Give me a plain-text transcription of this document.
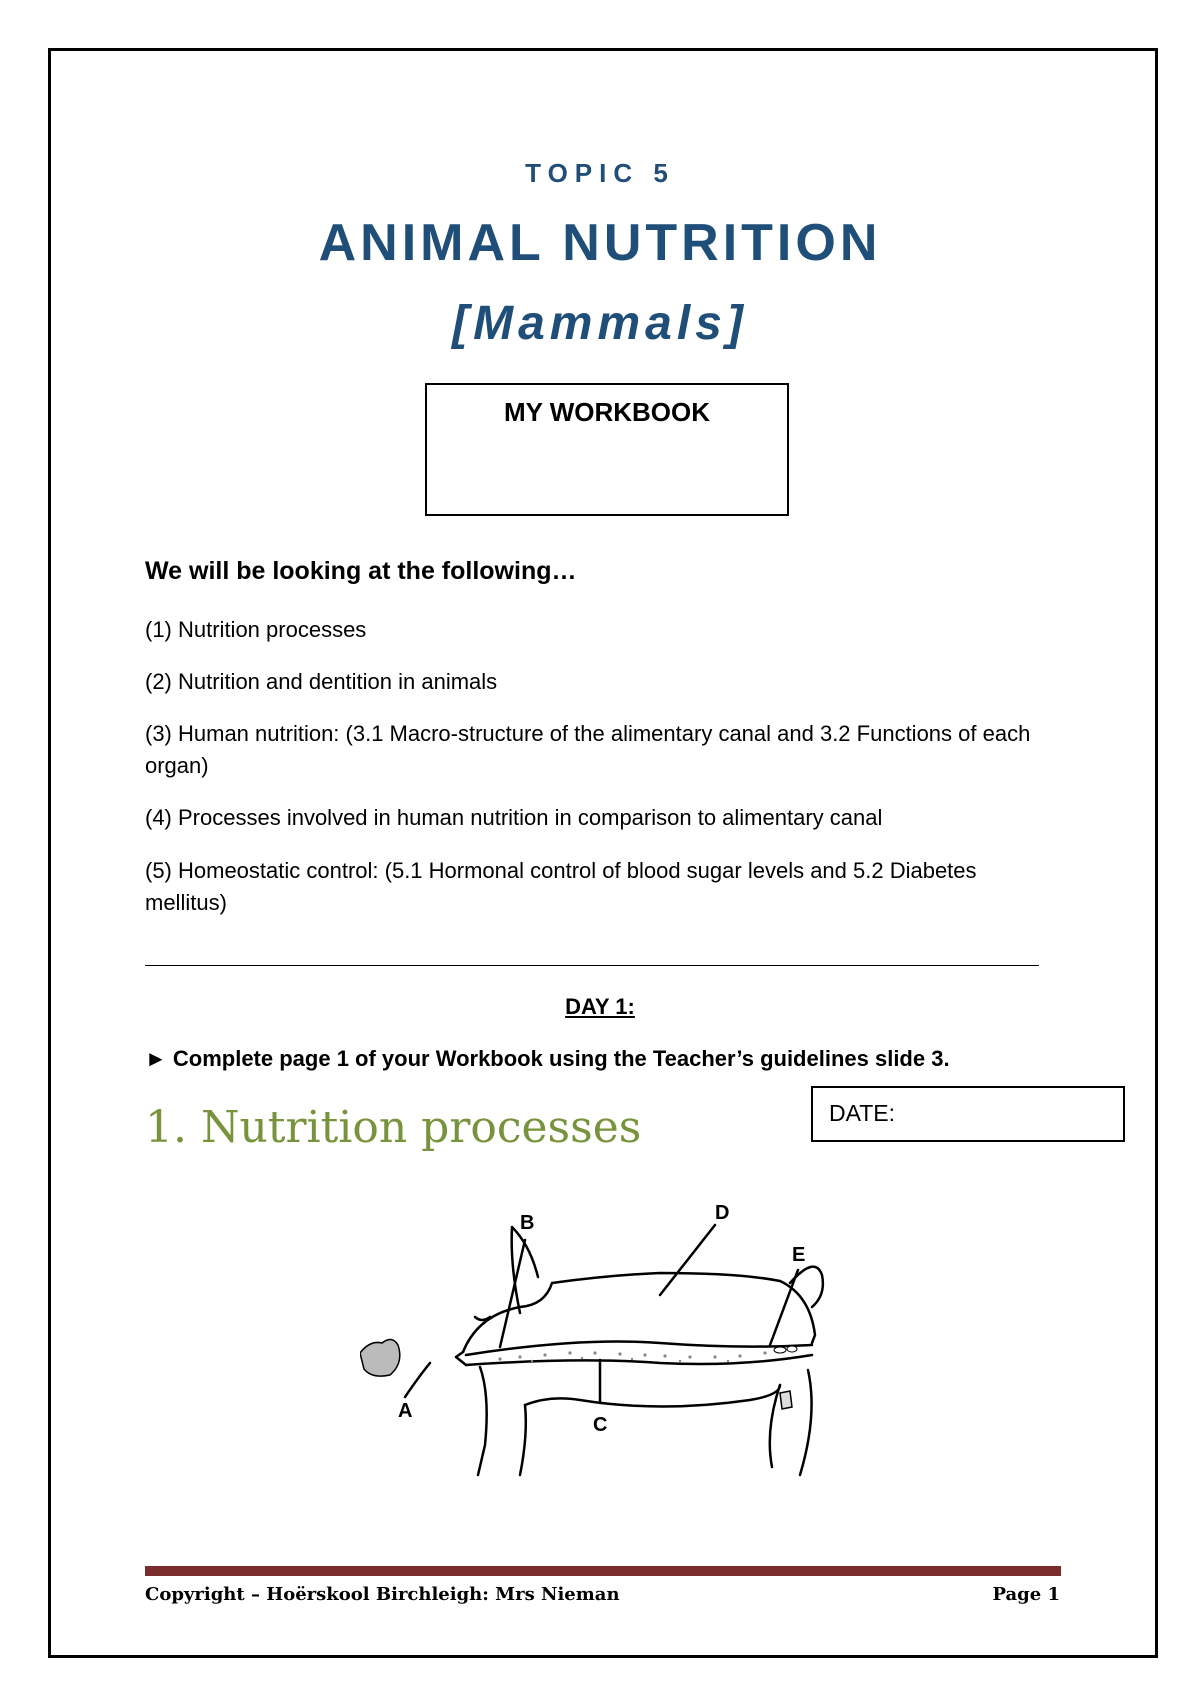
TOPIC 5
ANIMAL NUTRITION
[Mammals]
MY WORKBOOK
We will be looking at the following…
(1) Nutrition processes
(2) Nutrition and dentition in animals
(3) Human nutrition: (3.1 Macro-structure of the alimentary canal and 3.2 Functions of each organ)
(4) Processes involved in human nutrition in comparison to alimentary canal
(5) Homeostatic control: (5.1 Hormonal control of blood sugar levels and 5.2 Diabetes mellitus)
DAY 1:
► Complete page 1 of your Workbook using the Teacher’s guidelines slide 3.
1. Nutrition processes	DATE:
A
B
C
D
E
Copyright – Hoërskool Birchleigh: Mrs Nieman	Page 1
